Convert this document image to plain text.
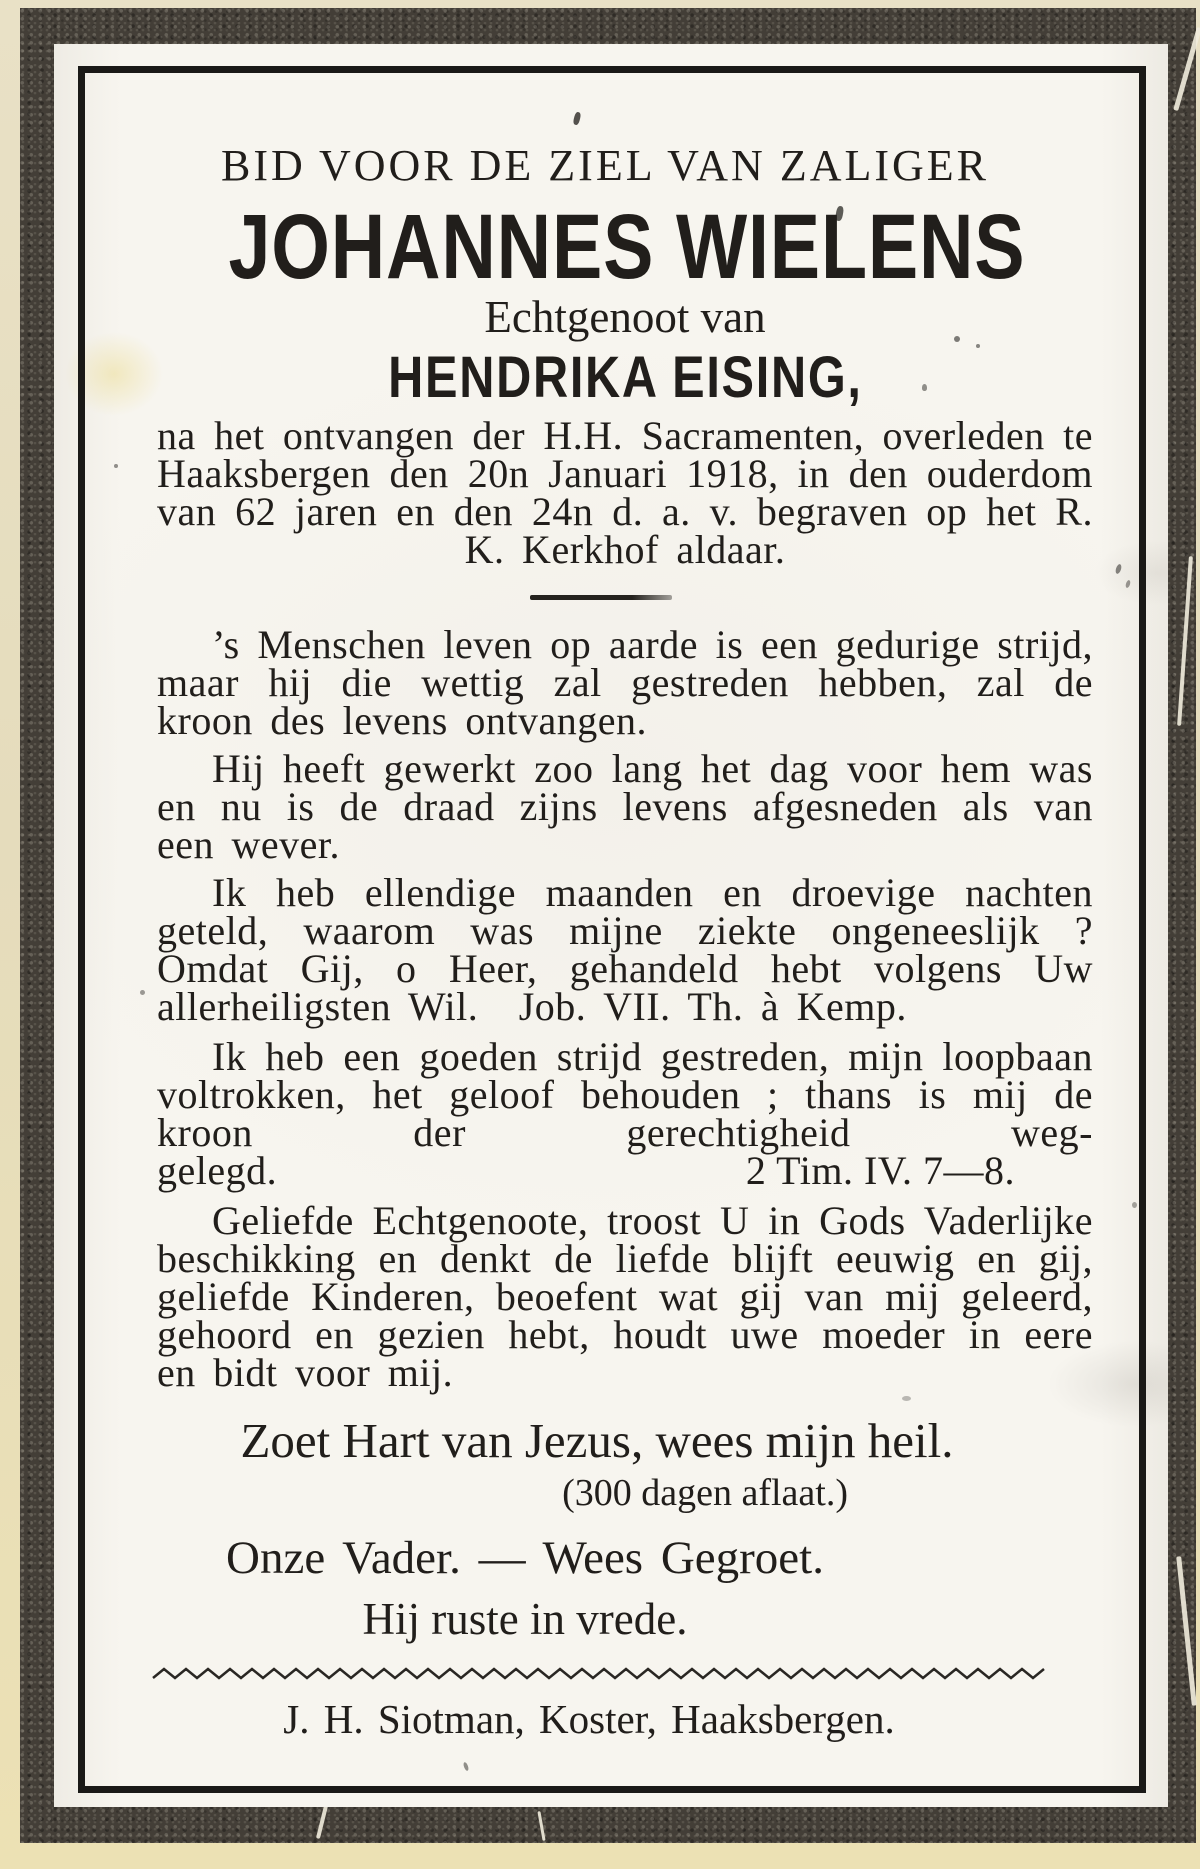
BID VOOR DE ZIEL VAN ZALIGER
JOHANNES WIELENS
Echtgenoot van
HENDRIKA EISING,

na het ontvangen der H.H. Sacramenten, overleden te Haaksbergen den 20n Januari 1918, in den ouderdom van 62 jaren en den 24n d. a. v. begraven op het R. K. Kerkhof aldaar.

’s Menschen leven op aarde is een gedurige strijd, maar hij die wettig zal gestreden hebben, zal de kroon des levens ontvangen.

Hij heeft gewerkt zoo lang het dag voor hem was en nu is de draad zijns levens afgesneden als van een wever.

Ik heb ellendige maanden en droevige nachten geteld, waarom was mijne ziekte ongeneeslijk ? Omdat Gij, o Heer, gehandeld hebt volgens Uw allerheiligsten Wil. Job. VII. Th. à Kemp.

Ik heb een goeden strijd gestreden, mijn loopbaan voltrokken, het geloof behouden ; thans is mij de kroon der gerechtigheid weg-

gelegd.	2 Tim. IV. 7—8.

Geliefde Echtgenoote, troost U in Gods Vaderlijke beschikking en denkt de liefde blijft eeuwig en gij, geliefde Kinderen, beoefent wat gij van mij geleerd, gehoord en gezien hebt, houdt uwe moeder in eere en bidt voor mij.

Zoet Hart van Jezus, wees mijn heil.
(300 dagen aflaat.)
Onze Vader. — Wees Gegroet.
Hij ruste in vrede.
J. H. Siotman, Koster, Haaksbergen.
